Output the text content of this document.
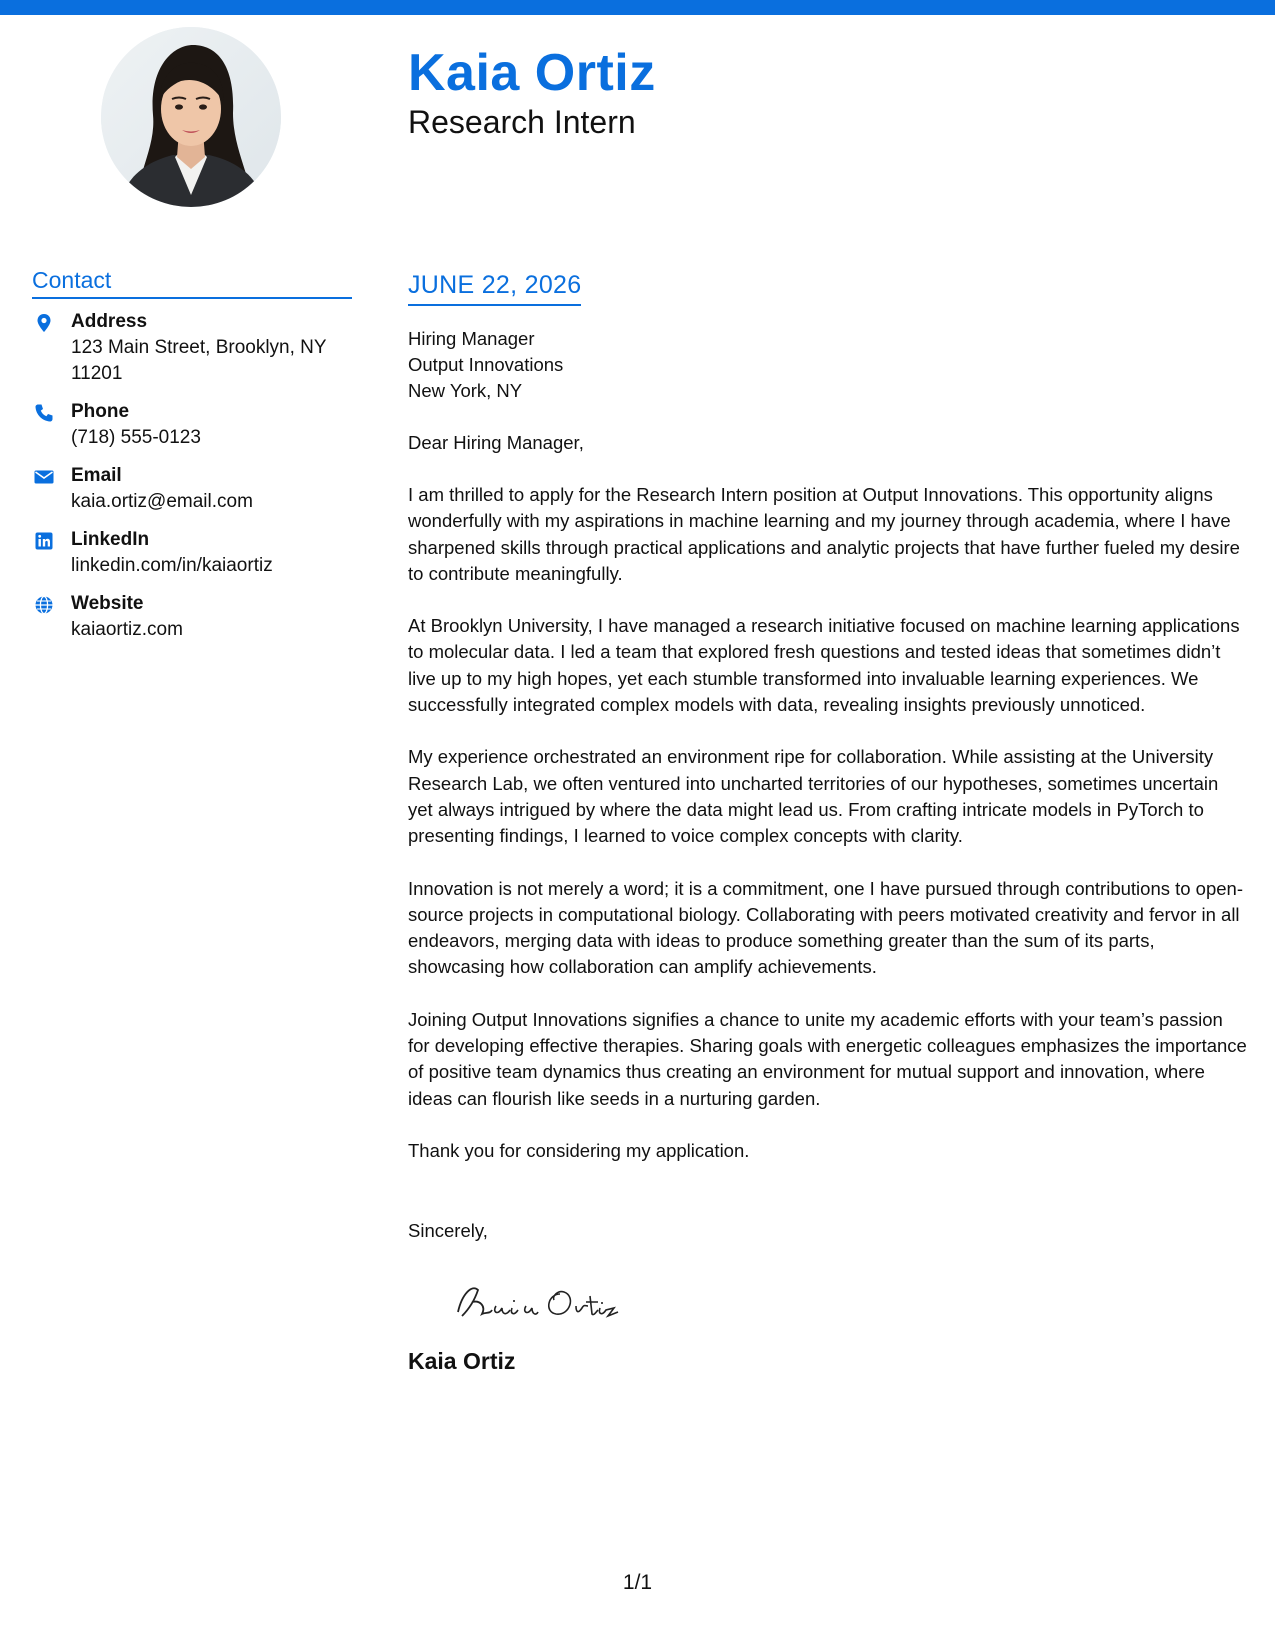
Kaia Ortiz
Research Intern
Contact
Address
123 Main Street, Brooklyn, NY 11201
Phone
(718) 555-0123
Email
kaia.ortiz@email.com
LinkedIn
linkedin.com/in/kaiaortiz
Website
kaiaortiz.com
JUNE 22, 2026
Hiring Manager
Output Innovations
New York, NY
Dear Hiring Manager,

I am thrilled to apply for the Research Intern position at Output Innovations. This opportunity aligns wonderfully with my aspirations in machine learning and my journey through academia, where I have sharpened skills through practical applications and analytic projects that have further fueled my desire to contribute meaningfully.

At Brooklyn University, I have managed a research initiative focused on machine learning applications to molecular data. I led a team that explored fresh questions and tested ideas that sometimes didn’t live up to my high hopes, yet each stumble transformed into invaluable learning experiences. We successfully integrated complex models with data, revealing insights previously unnoticed.

My experience orchestrated an environment ripe for collaboration. While assisting at the University Research Lab, we often ventured into uncharted territories of our hypotheses, sometimes uncertain yet always intrigued by where the data might lead us. From crafting intricate models in PyTorch to presenting findings, I learned to voice complex concepts with clarity.

Innovation is not merely a word; it is a commitment, one I have pursued through contributions to open-source projects in computational biology. Collaborating with peers motivated creativity and fervor in all endeavors, merging data with ideas to produce something greater than the sum of its parts, showcasing how collaboration can amplify achievements.

Joining Output Innovations signifies a chance to unite my academic efforts with your team’s passion for developing effective therapies. Sharing goals with energetic colleagues emphasizes the importance of positive team dynamics thus creating an environment for mutual support and innovation, where ideas can flourish like seeds in a nurturing garden.

Thank you for considering my application.
Sincerely,
Kaia Ortiz
1/1
